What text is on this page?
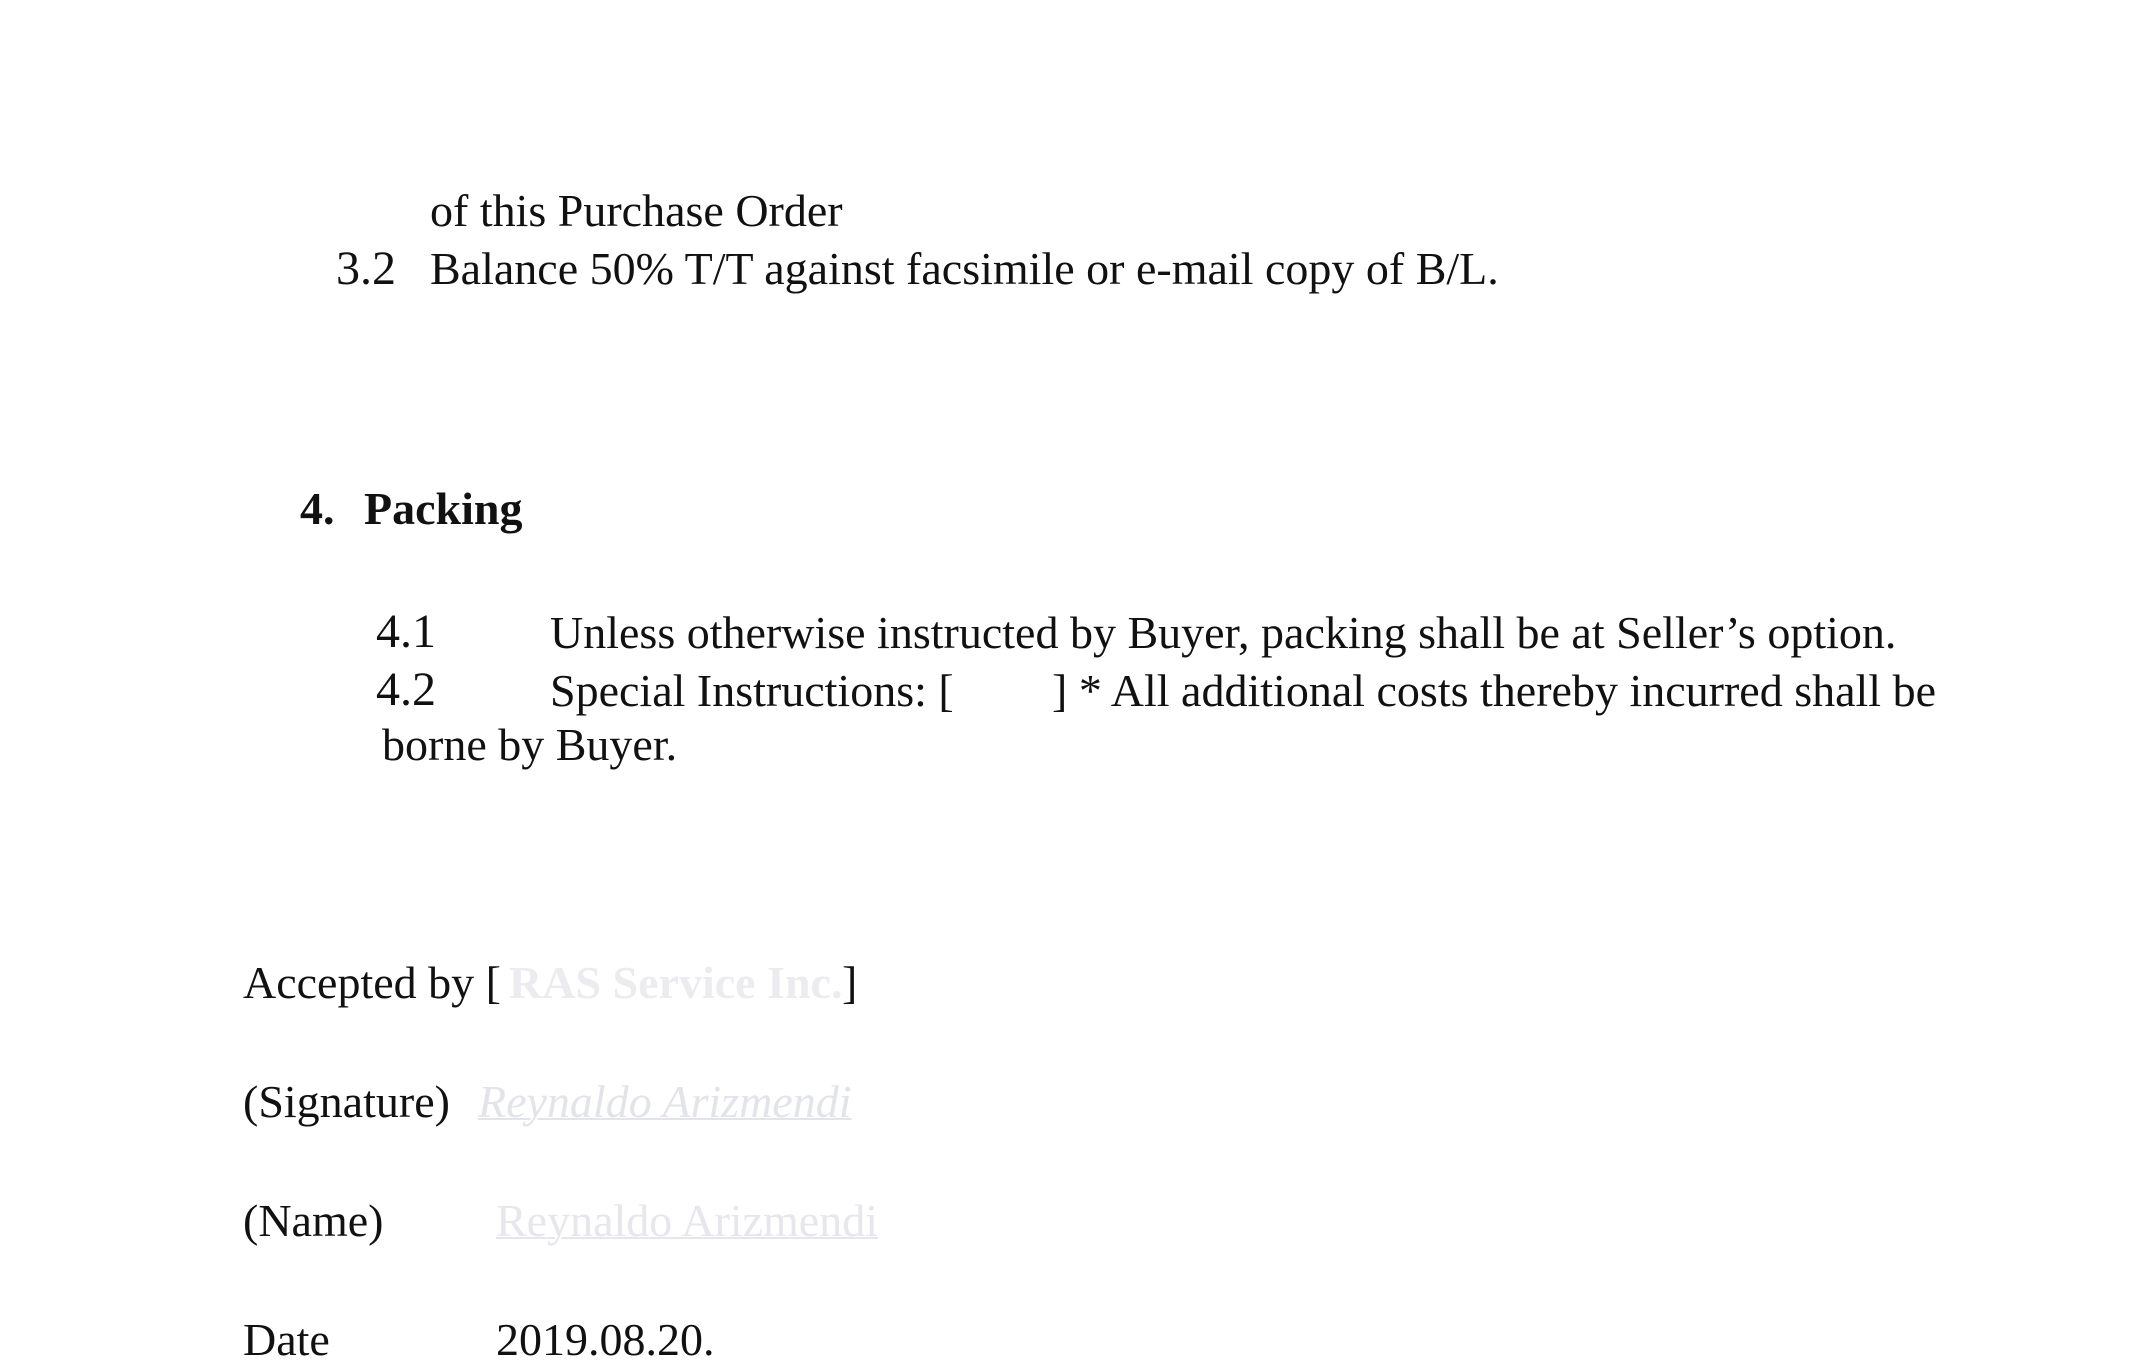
of this Purchase Order
3.2 Balance 50% T/T against facsimile or e-mail copy of B/L.
4. Packing
4.1 Unless otherwise instructed by Buyer, packing shall be at Seller’s option.
4.2 Special Instructions: [ ] * All additional costs thereby incurred shall be
borne by Buyer.
Accepted by [ RAS Service Inc. ]
(Signature) Reynaldo Arizmendi
(Name) Reynaldo Arizmendi
Date	2019.08.20.
